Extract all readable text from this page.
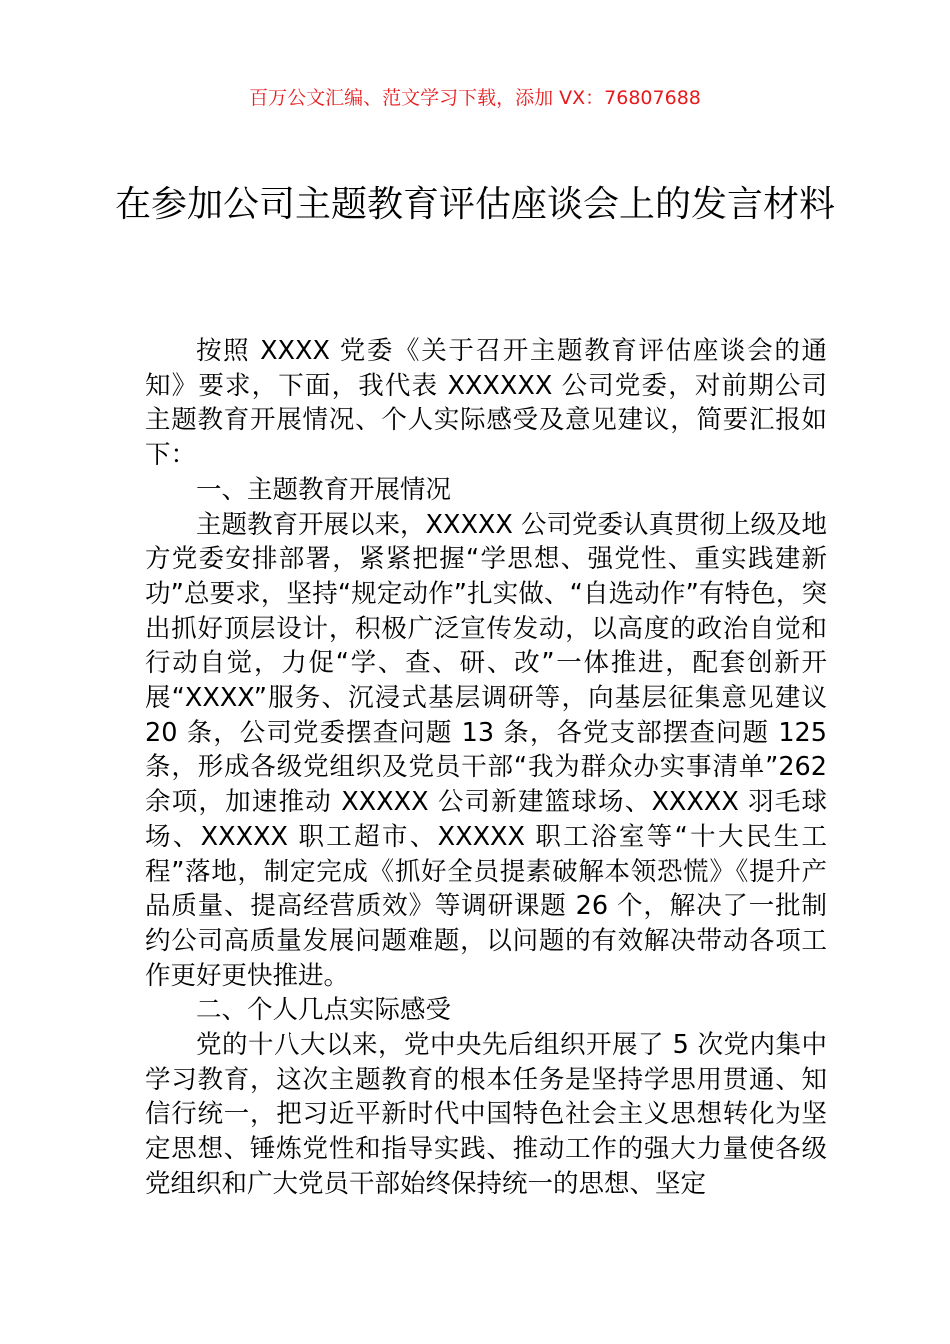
百万公文汇编、范文学习下载，添加 VX：76807688
在参加公司主题教育评估座谈会上的发言材料

按照 XXXX 党委《关于召开主题教育评估座谈会的通知》要求，下面，我代表 XXXXXX 公司党委，对前期公司主题教育开展情况、个人实际感受及意见建议，简要汇报如下：

一、主题教育开展情况

主题教育开展以来，XXXXX 公司党委认真贯彻上级及地方党委安排部署，紧紧把握“学思想、强党性、重实践建新功”总要求，坚持“规定动作”扎实做、“自选动作”有特色，突出抓好顶层设计，积极广泛宣传发动，以高度的政治自觉和行动自觉，力促“学、查、研、改”一体推进，配套创新开展“XXXX”服务、沉浸式基层调研等，向基层征集意见建议 20 条，公司党委摆查问题 13 条，各党支部摆查问题 125 条，形成各级党组织及党员干部“我为群众办实事清单”262 余项，加速推动 XXXXX 公司新建篮球场、XXXXX 羽毛球场、XXXXX 职工超市、XXXXX 职工浴室等“十大民生工程”落地，制定完成《抓好全员提素破解本领恐慌》《提升产品质量、提高经营质效》等调研课题 26 个，解决了一批制约公司高质量发展问题难题，以问题的有效解决带动各项工作更好更快推进。

二、个人几点实际感受

党的十八大以来，党中央先后组织开展了 5 次党内集中学习教育，这次主题教育的根本任务是坚持学思用贯通、知信行统一，把习近平新时代中国特色社会主义思想转化为坚定思想、锤炼党性和指导实践、推动工作的强大力量使各级党组织和广大党员干部始终保持统一的思想、坚定
